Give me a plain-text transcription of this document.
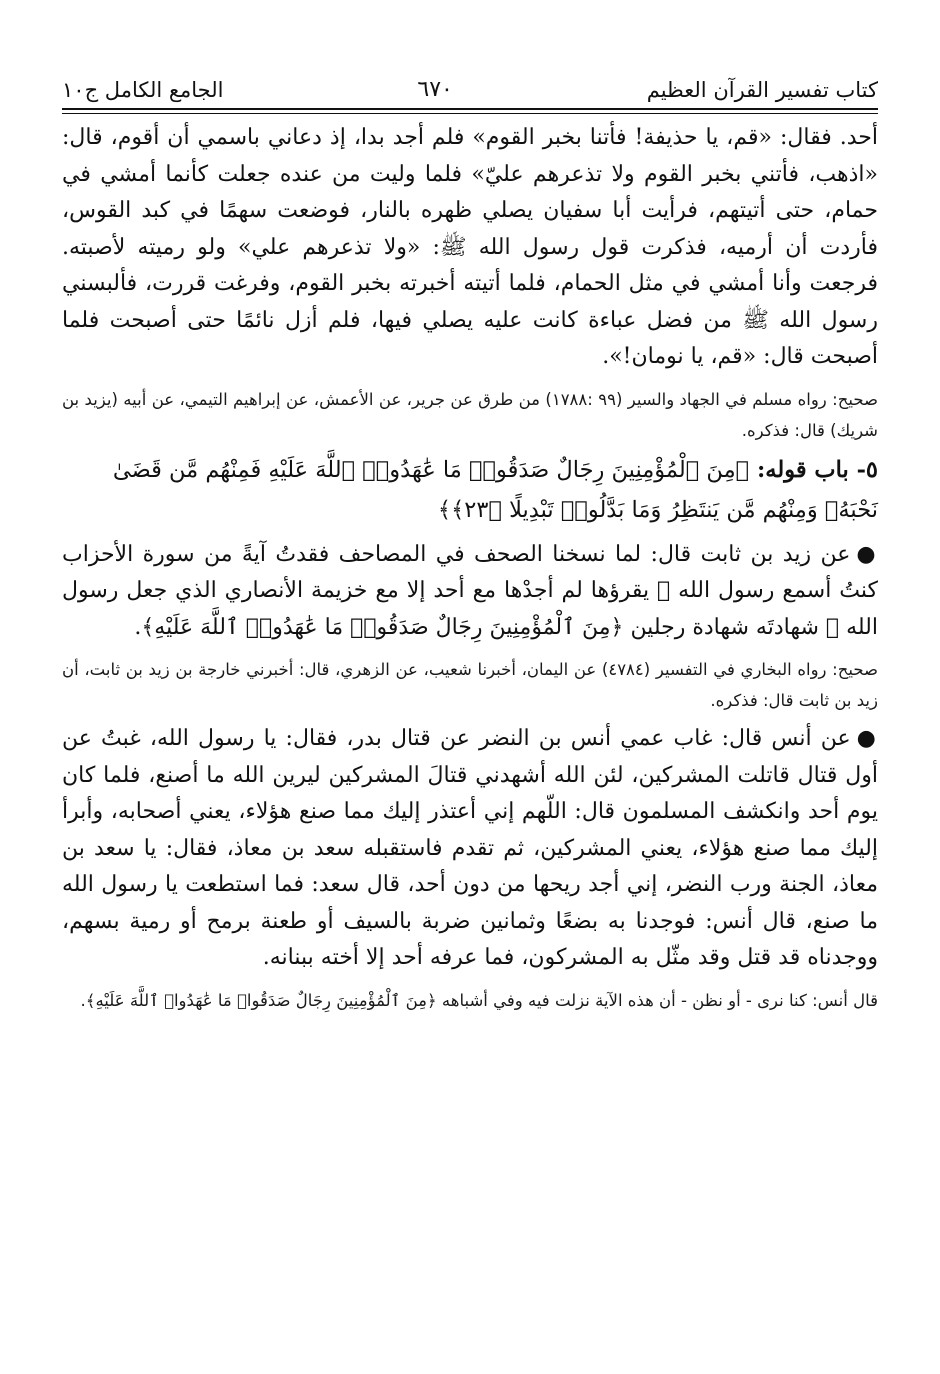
كتاب تفسير القرآن العظيم
٦٧٠
الجامع الكامل ج١٠

أحد. فقال: «قم، يا حذيفة! فأتنا بخبر القوم» فلم أجد بدا، إذ دعاني باسمي أن أقوم، قال: «اذهب، فأتني بخبر القوم ولا تذعرهم عليّ» فلما وليت من عنده جعلت كأنما أمشي في حمام، حتى أتيتهم، فرأيت أبا سفيان يصلي ظهره بالنار، فوضعت سهمًا في كبد القوس، فأردت أن أرميه، فذكرت قول رسول الله ﷺ: «ولا تذعرهم علي» ولو رميته لأصبته. فرجعت وأنا أمشي في مثل الحمام، فلما أتيته أخبرته بخبر القوم، وفرغت قررت، فألبسني رسول الله ﷺ من فضل عباءة كانت عليه يصلي فيها، فلم أزل نائمًا حتى أصبحت فلما أصبحت قال: «قم، يا نومان!».

صحيح: رواه مسلم في الجهاد والسير (٩٩ :١٧٨٨) من طرق عن جرير، عن الأعمش، عن إبراهيم التيمي، عن أبيه (يزيد بن شريك) قال: فذكره.

٥- باب قوله: ﴿مِنَ ٱلْمُؤْمِنِينَ رِجَالٌ صَدَقُوا۟ مَا عَٰهَدُوا۟ ٱللَّهَ عَلَيْهِ فَمِنْهُم مَّن قَضَىٰ نَحْبَهُۥ وَمِنْهُم مَّن يَنتَظِرُ وَمَا بَدَّلُوا۟ تَبْدِيلًا ﴿٢٣﴾﴾

●عن زيد بن ثابت قال: لما نسخنا الصحف في المصاحف فقدتُ آيةً من سورة الأحزاب كنتُ أسمع رسول الله ﷺ يقرؤها لم أجدْها مع أحد إلا مع خزيمة الأنصاري الذي جعل رسول الله ﷺ شهادتَه شهادة رجلين ﴿مِنَ ٱلْمُؤْمِنِينَ رِجَالٌ صَدَقُوا۟ مَا عَٰهَدُوا۟ ٱللَّهَ عَلَيْهِ﴾.

صحيح: رواه البخاري في التفسير (٤٧٨٤) عن اليمان، أخبرنا شعيب، عن الزهري، قال: أخبرني خارجة بن زيد بن ثابت، أن زيد بن ثابت قال: فذكره.

●عن أنس قال: غاب عمي أنس بن النضر عن قتال بدر، فقال: يا رسول الله، غبتُ عن أول قتال قاتلت المشركين، لئن الله أشهدني قتالَ المشركين ليرين الله ما أصنع، فلما كان يوم أحد وانكشف المسلمون قال: اللّهم إني أعتذر إليك مما صنع هؤلاء، يعني أصحابه، وأبرأ إليك مما صنع هؤلاء، يعني المشركين، ثم تقدم فاستقبله سعد بن معاذ، فقال: يا سعد بن معاذ، الجنة ورب النضر، إني أجد ريحها من دون أحد، قال سعد: فما استطعت يا رسول الله ما صنع، قال أنس: فوجدنا به بضعًا وثمانين ضربة بالسيف أو طعنة برمح أو رمية بسهم، ووجدناه قد قتل وقد مثّل به المشركون، فما عرفه أحد إلا أخته ببنانه.

قال أنس: كنا نرى - أو نظن - أن هذه الآية نزلت فيه وفي أشباهه ﴿مِنَ ٱلْمُؤْمِنِينَ رِجَالٌ صَدَقُوا۟ مَا عَٰهَدُوا۟ ٱللَّهَ عَلَيْهِ﴾.
